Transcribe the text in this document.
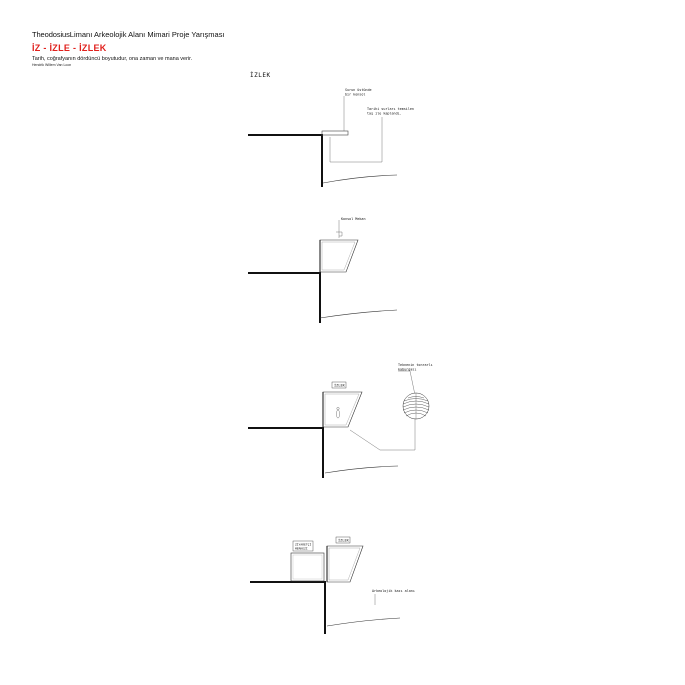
TheodosiusLimanı Arkeolojik Alanı Mimari Proje Yarışması
İZ - İZLE - İZLEK
Tarih, coğrafyanın dördüncü boyutudur, ona zaman ve mana verir.
Hendrik Willem Van Loon
İZLEK
Surun üstünde
bir konsol
Tarihi surları temsilen
taş ile kaplandı.
Konsol Mekan
İZLEK
Teknenin tonrarlı
kaburgası
ZİYARETÇİ
MERKEZİ
İZLEK
Arkeolojik kazı alanı
